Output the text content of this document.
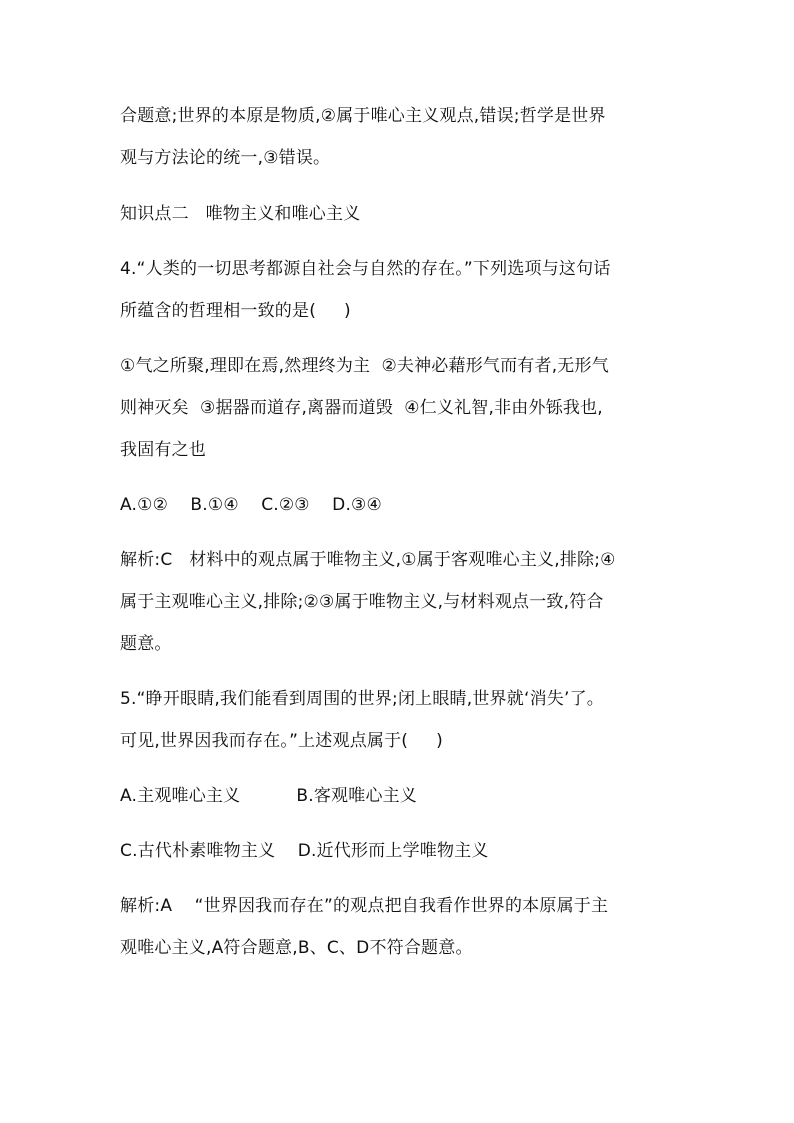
合题意;世界的本原是物质,②属于唯心主义观点,错误;哲学是世界
观与方法论的统一,③错误。
知识点二   唯物主义和唯心主义
4.“人类的一切思考都源自社会与自然的存在。”下列选项与这句话
所蕴含的哲理相一致的是(     )
①气之所聚,理即在焉,然理终为主  ②夫神必藉形气而有者,无形气
则神灭矣  ③据器而道存,离器而道毁  ④仁义礼智,非由外铄我也,
我固有之也
A.①②    B.①④    C.②③    D.③④
解析:C   材料中的观点属于唯物主义,①属于客观唯心主义,排除;④
属于主观唯心主义,排除;②③属于唯物主义,与材料观点一致,符合
题意。
5.“睁开眼睛,我们能看到周围的世界;闭上眼睛,世界就‘消失’了。
可见,世界因我而存在。”上述观点属于(     )
A.主观唯心主义          B.客观唯心主义
C.古代朴素唯物主义    D.近代形而上学唯物主义
解析:A    “世界因我而存在”的观点把自我看作世界的本原属于主
观唯心主义,A符合题意,B、C、D不符合题意。
